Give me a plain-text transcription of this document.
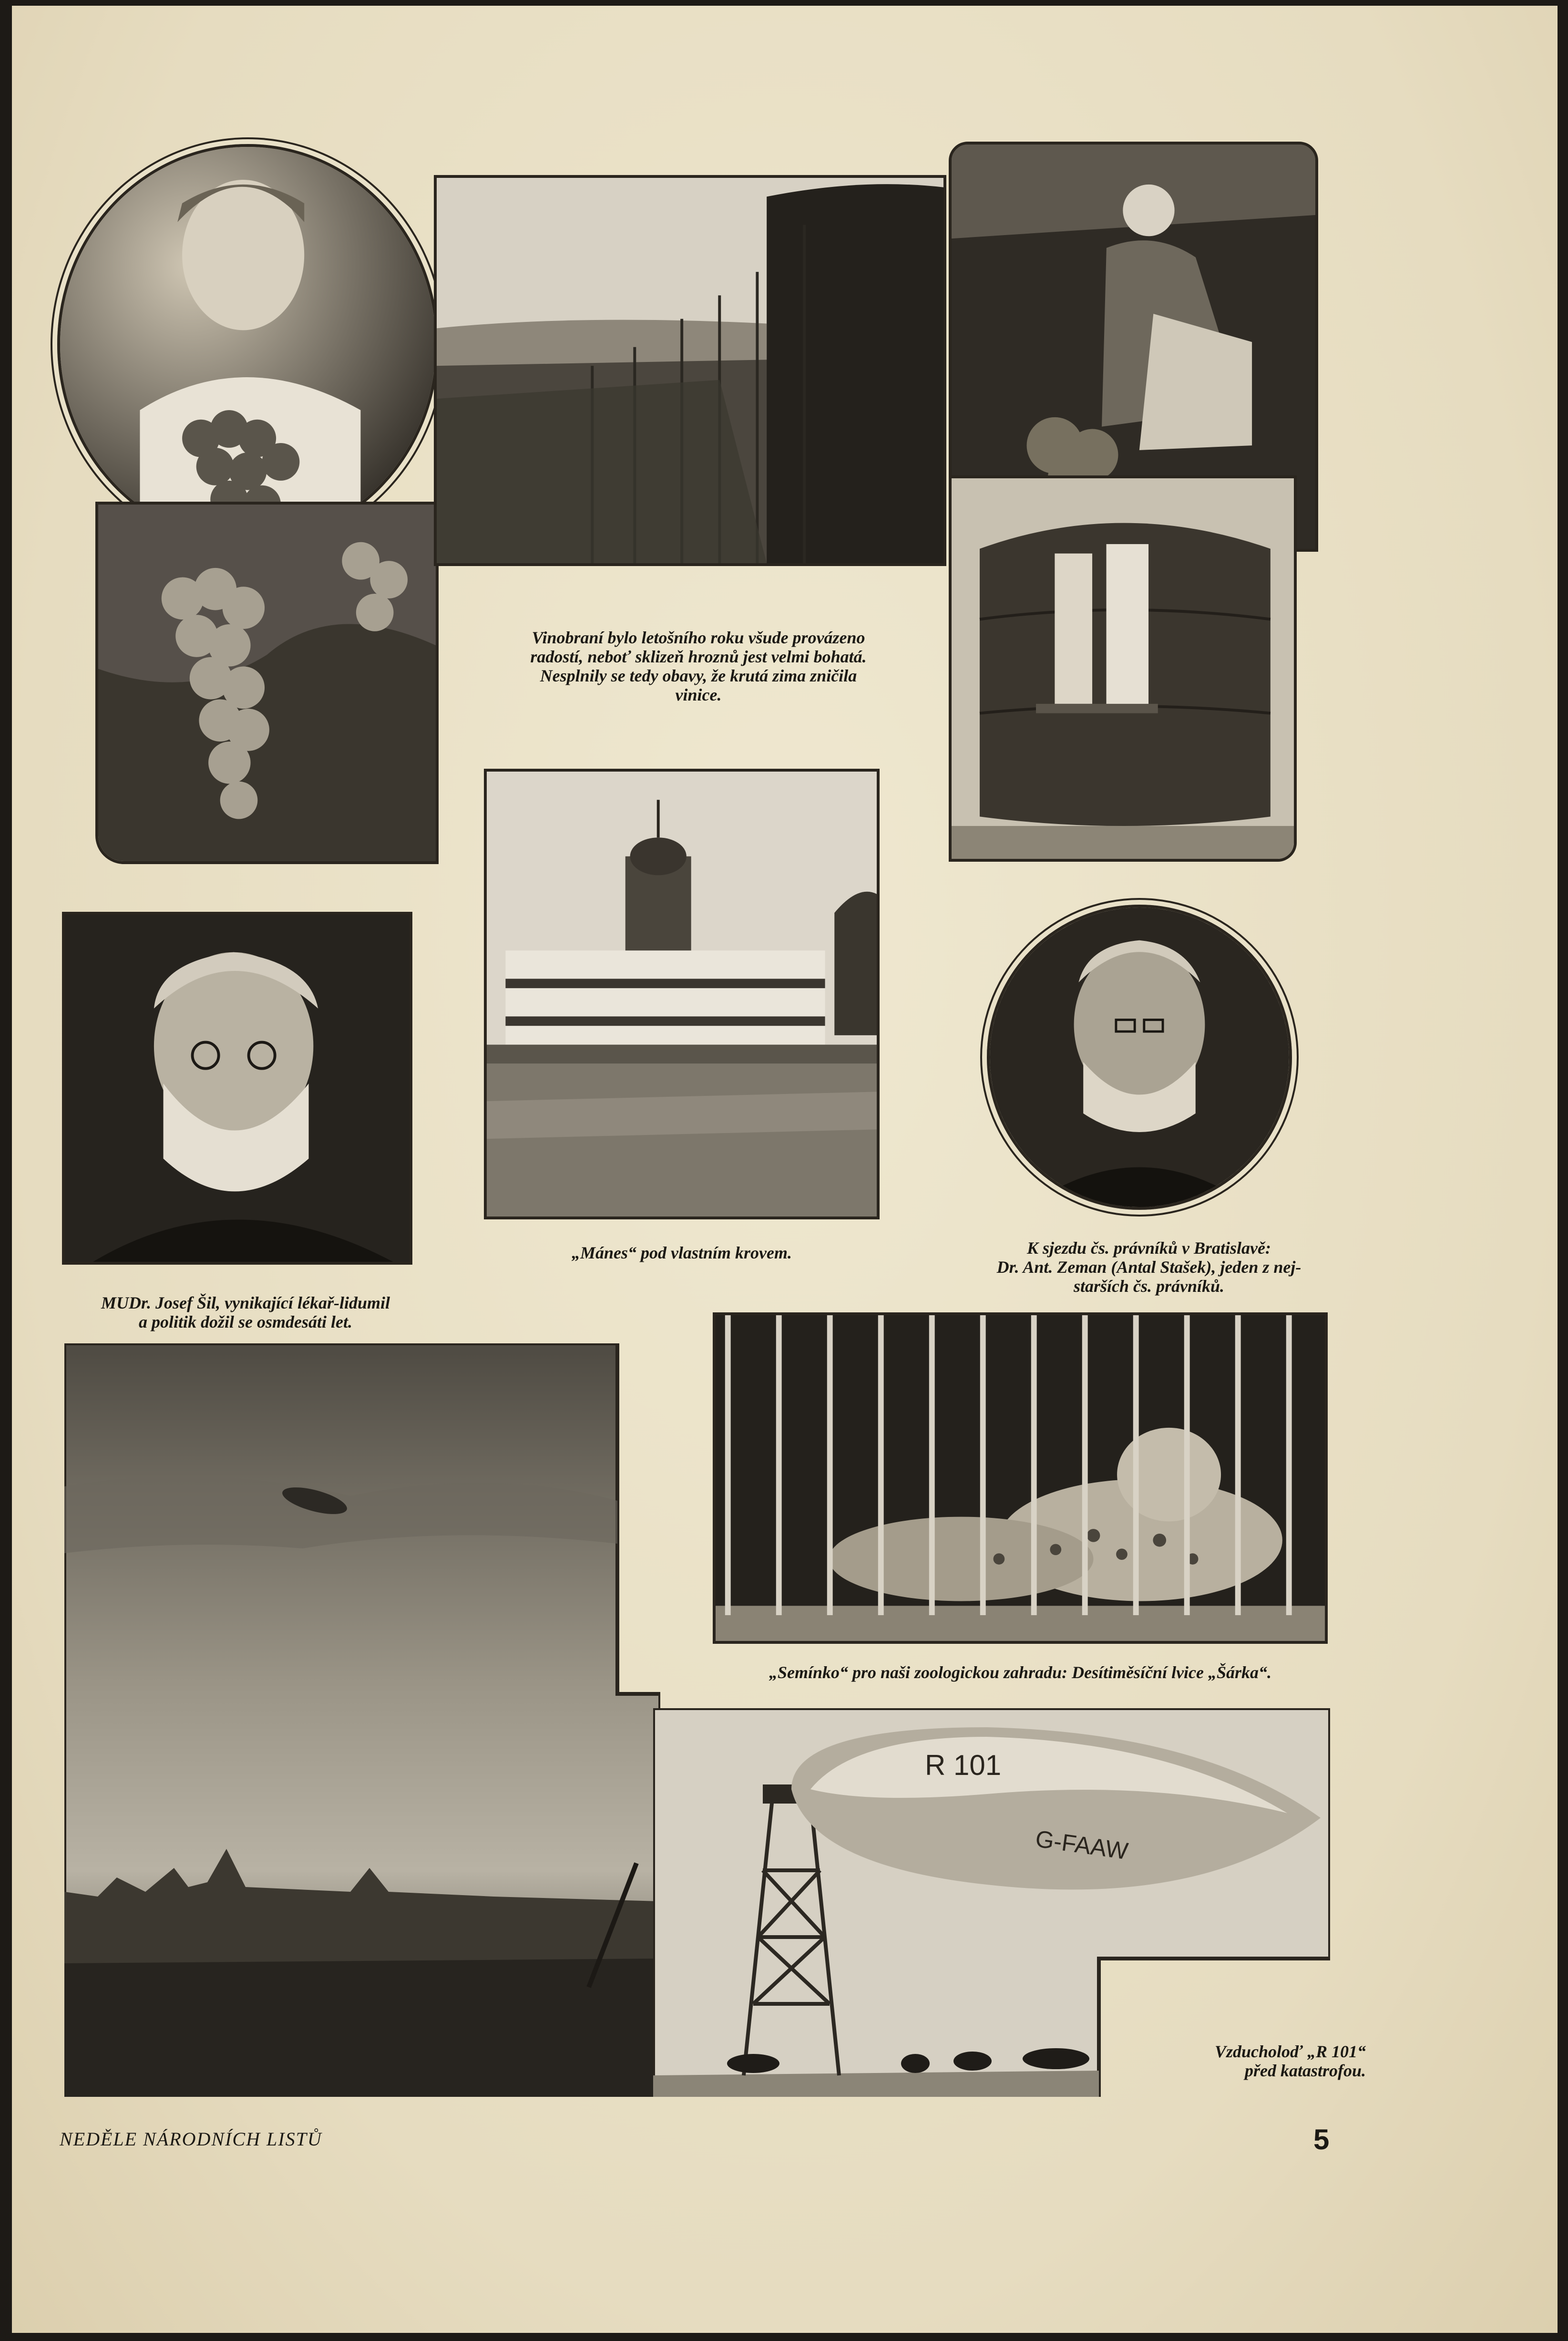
Vinobraní bylo letošního roku všude provázeno
radostí, neboť sklizeň hroznů jest velmi bohatá.
Nesplnily se tedy obavy, že krutá zima zničila
vinice.
„Mánes“ pod vlastním krovem.
MUDr. Josef Šil, vynikající lékař-lidumil
a politik dožil se osmdesáti let.
K sjezdu čs. právníků v Bratislavě:
Dr. Ant. Zeman (Antal Stašek), jeden z nej-
starších čs. právníků.
„Semínko“ pro naši zoologickou zahradu: Desítiměsíční lvice „Šárka“.
R 101
G-FAAW
Vzducholoď „R 101“
před katastrofou.
NEDĚLE NÁRODNÍCH LISTŮ	5
